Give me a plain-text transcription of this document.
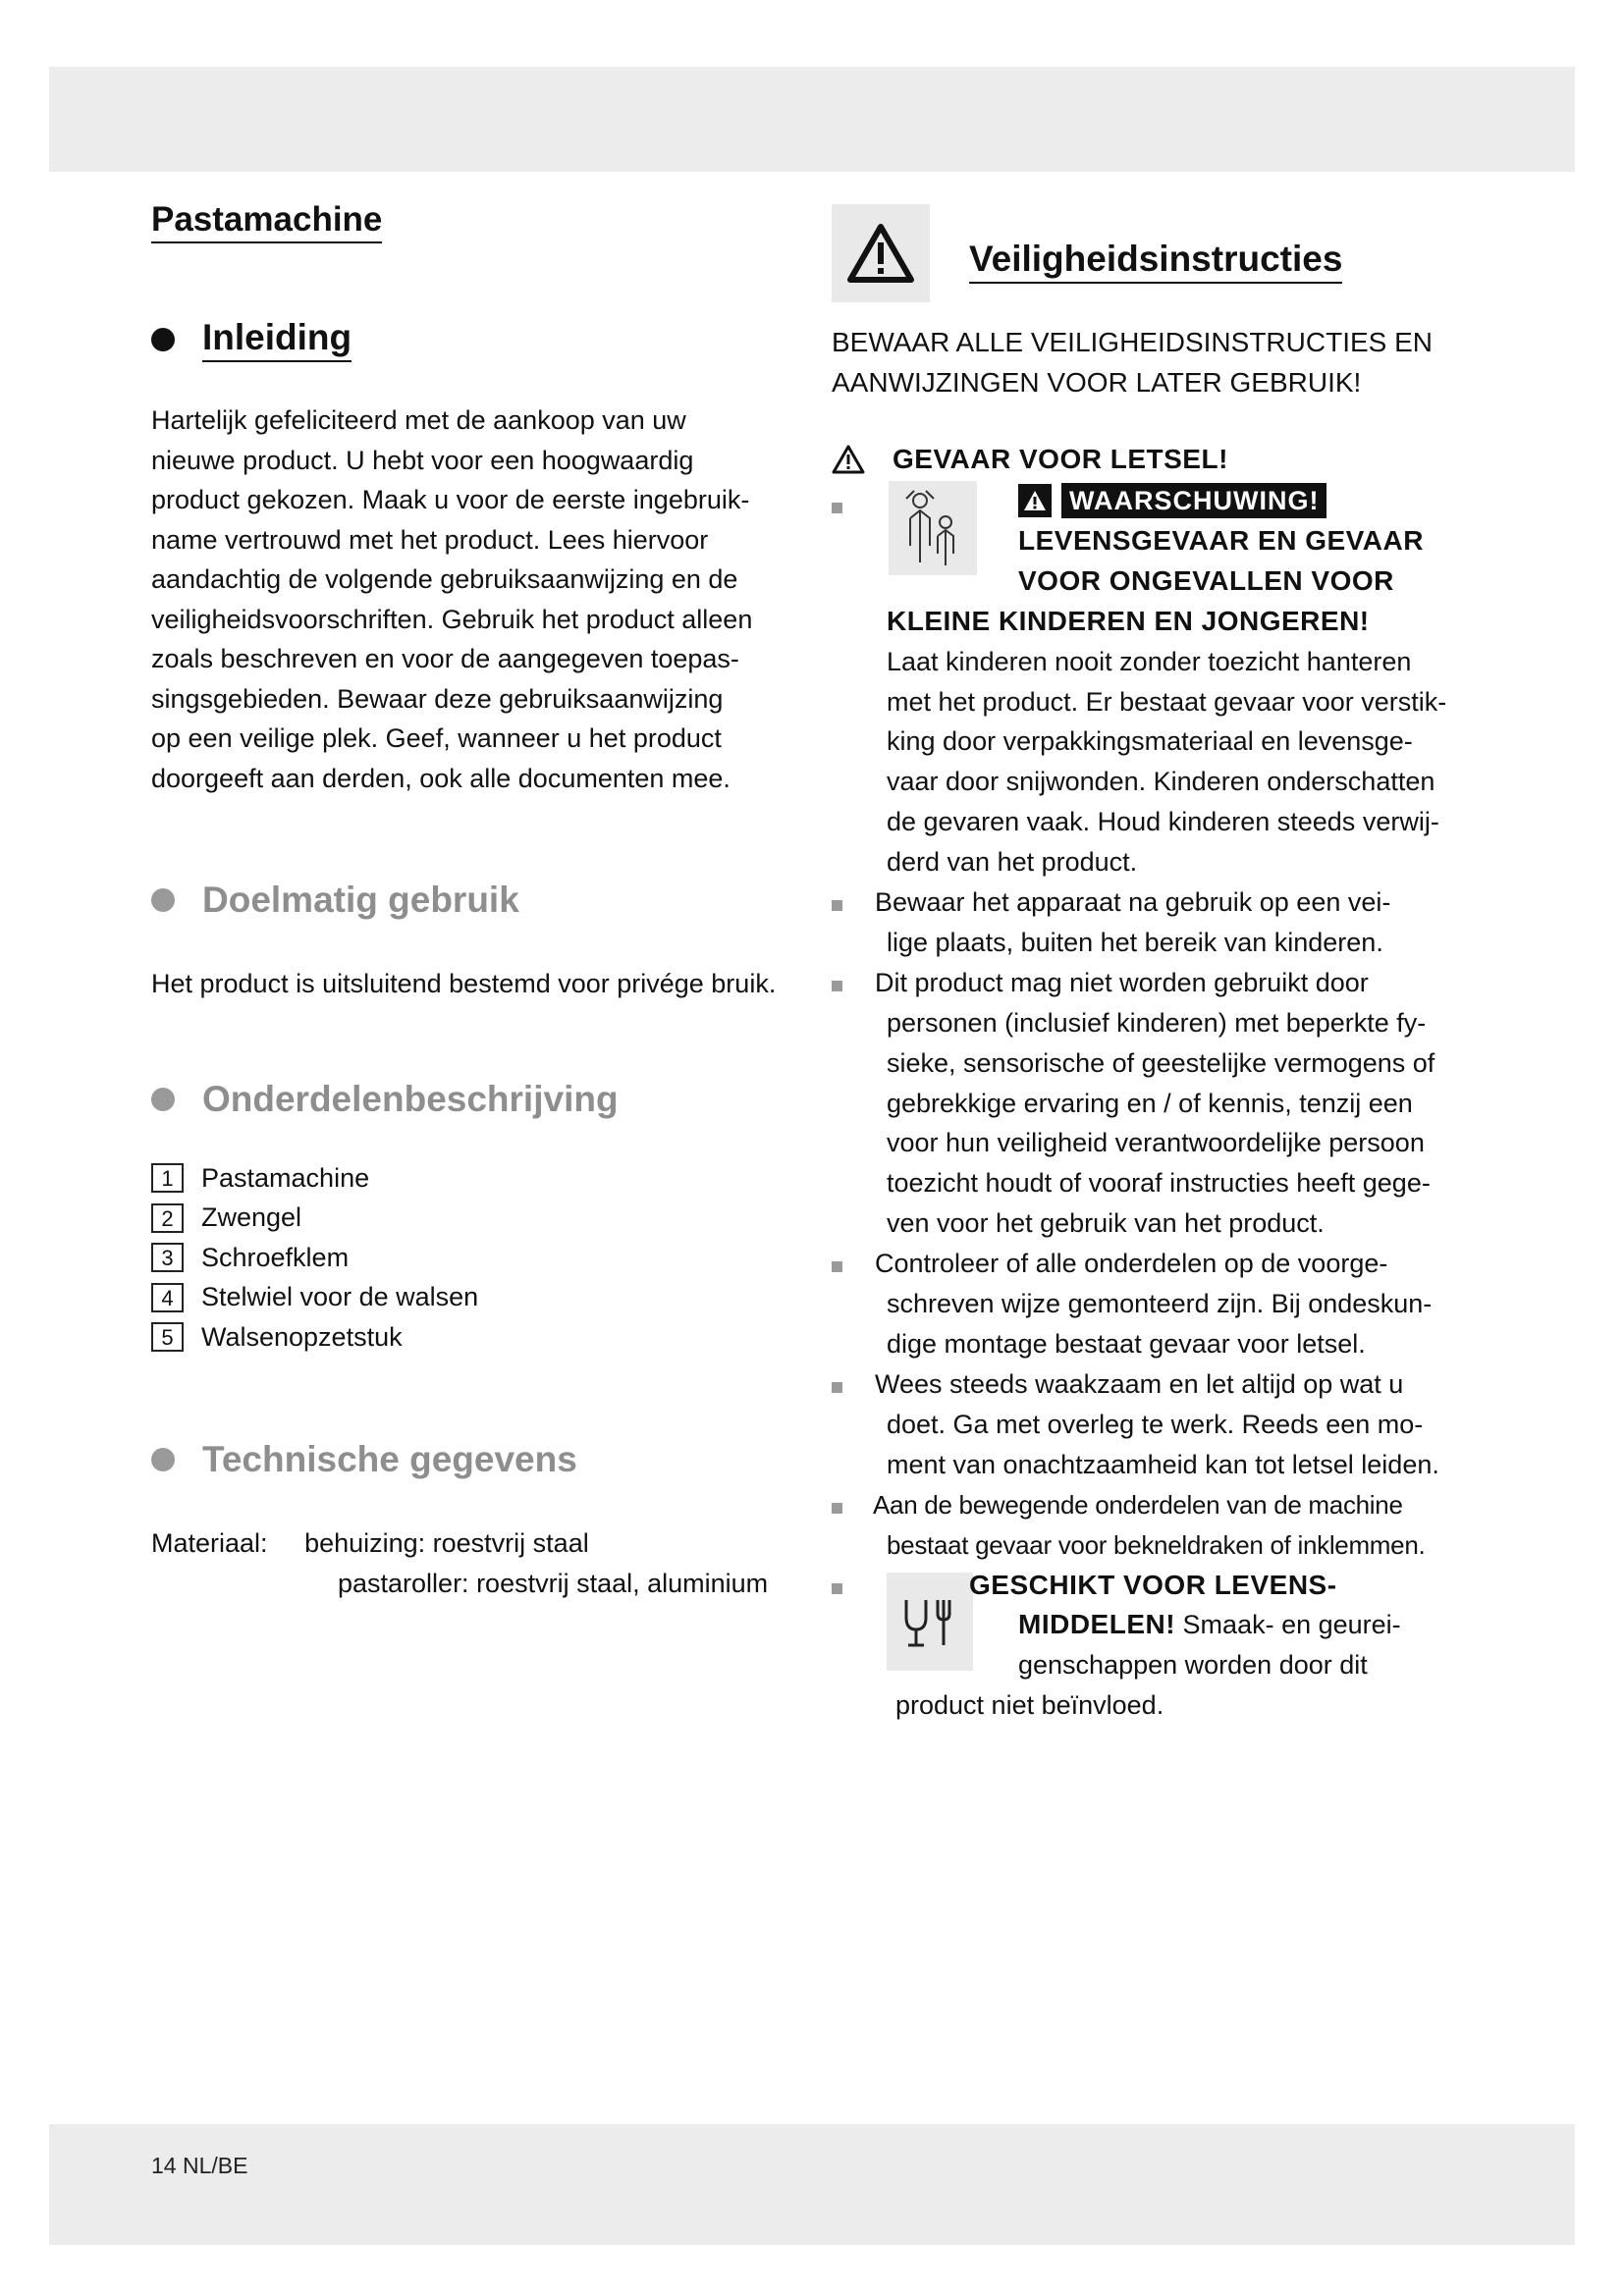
Pastamachine
Inleiding

Hartelijk gefeliciteerd met de aankoop van uw
nieuwe product. U hebt voor een hoogwaardig
product gekozen. Maak u voor de eerste ingebruik-
name vertrouwd met het product. Lees hiervoor
aandachtig de volgende gebruiksaanwijzing en de
veiligheidsvoorschriften. Gebruik het product alleen
zoals beschreven en voor de aangegeven toepas-
singsgebieden. Bewaar deze gebruiksaanwijzing
op een veilige plek. Geef, wanneer u het product
doorgeeft aan derden, ook alle documenten mee.

Doelmatig gebruik

Het product is uitsluitend bestemd voor privége bruik.

Onderdelenbeschrijving
1	Pastamachine
2	Zwengel
3	Schroefklem
4	Stelwiel voor de walsen
5	Walsenopzetstuk
Technische gegevens
Materiaal: behuizing: roestvrij staal
pastaroller: roestvrij staal, aluminium
Veiligheidsinstructies
BEWAAR ALLE VEILIGHEIDSINSTRUCTIES EN
AANWIJZINGEN VOOR LATER GEBRUIK!
GEVAAR VOOR LETSEL!
WAARSCHUWING!
LEVENSGEVAAR EN GEVAAR
VOOR ONGEVALLEN VOOR
KLEINE KINDEREN EN JONGEREN!
Laat kinderen nooit zonder toezicht hanteren
met het product. Er bestaat gevaar voor verstik-
king door verpakkingsmateriaal en levensge-
vaar door snijwonden. Kinderen onderschatten
de gevaren vaak. Houd kinderen steeds verwij-
derd van het product.
Bewaar het apparaat na gebruik op een vei-
lige plaats, buiten het bereik van kinderen.
Dit product mag niet worden gebruikt door
personen (inclusief kinderen) met beperkte fy-
sieke, sensorische of geestelijke vermogens of
gebrekkige ervaring en / of kennis, tenzij een
voor hun veiligheid verantwoordelijke persoon
toezicht houdt of vooraf instructies heeft gege-
ven voor het gebruik van het product.
Controleer of alle onderdelen op de voorge-
schreven wijze gemonteerd zijn. Bij ondeskun-
dige montage bestaat gevaar voor letsel.
Wees steeds waakzaam en let altijd op wat u
doet. Ga met overleg te werk. Reeds een mo-
ment van onachtzaamheid kan tot letsel leiden.
Aan de bewegende onderdelen van de machine
bestaat gevaar voor bekneldraken of inklemmen.
GESCHIKT VOOR LEVENS-
MIDDELEN! Smaak- en geurei-
genschappen worden door dit
product niet beïnvloed.
14 NL/BE
